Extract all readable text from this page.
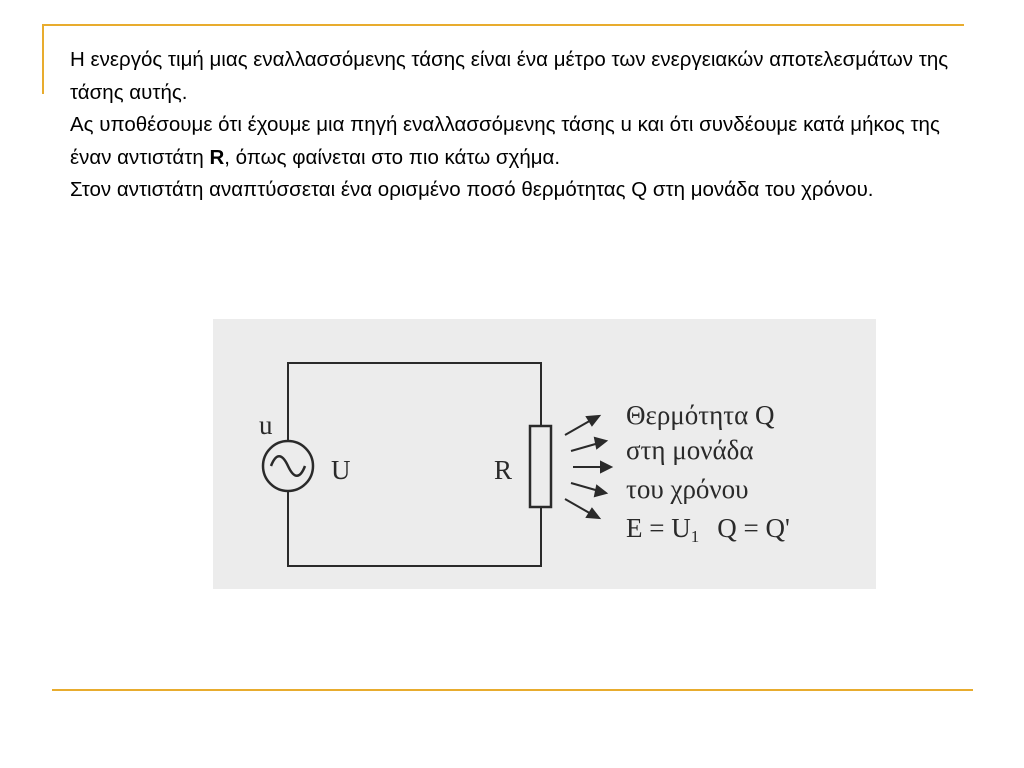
Η ενεργός τιμή μιας εναλλασσόμενης τάσης είναι ένα μέτρο των ενεργειακών αποτελεσμάτων της τάσης αυτής.

Ας υποθέσουμε ότι έχουμε μια πηγή εναλλασσόμενης τάσης u και ότι συνδέουμε κατά μήκος της έναν αντιστάτη R, όπως φαίνεται στο πιο κάτω σχήμα.

Στον αντιστάτη αναπτύσσεται ένα ορισμένο ποσό θερμότητας Q στη μονάδα του χρόνου.

u
U	R
Θερμότητα Q
στη μονάδα
του χρόνου
E = U1 Q = Q'
